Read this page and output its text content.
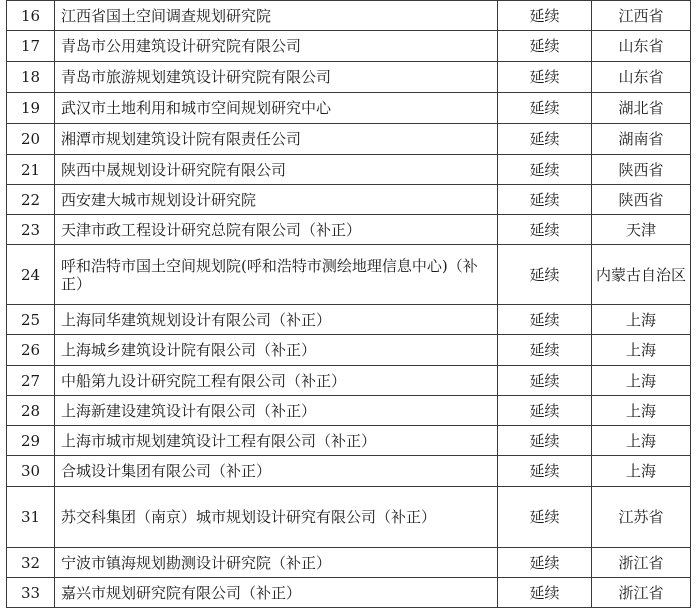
16	江西省国土空间调查规划研究院	延续	江西省
17	青岛市公用建筑设计研究院有限公司	延续	山东省
18	青岛市旅游规划建筑设计研究院有限公司	延续	山东省
19	武汉市土地利用和城市空间规划研究中心	延续	湖北省
20	湘潭市规划建筑设计院有限责任公司	延续	湖南省
21	陕西中晟规划设计研究院有限公司	延续	陕西省
22	西安建大城市规划设计研究院	延续	陕西省
23	天津市政工程设计研究总院有限公司（补正）	延续	天津
24	呼和浩特市国土空间规划院(呼和浩特市测绘地理信息中心)（补正）	延续	内蒙古自治区
25	上海同华建筑规划设计有限公司（补正）	延续	上海
26	上海城乡建筑设计院有限公司（补正）	延续	上海
27	中船第九设计研究院工程有限公司（补正）	延续	上海
28	上海新建设建筑设计有限公司（补正）	延续	上海
29	上海市城市规划建筑设计工程有限公司（补正）	延续	上海
30	合城设计集团有限公司（补正）	延续	上海
31	苏交科集团（南京）城市规划设计研究有限公司（补正）	延续	江苏省
32	宁波市镇海规划勘测设计研究院（补正）	延续	浙江省
33	嘉兴市规划研究院有限公司（补正）	延续	浙江省
